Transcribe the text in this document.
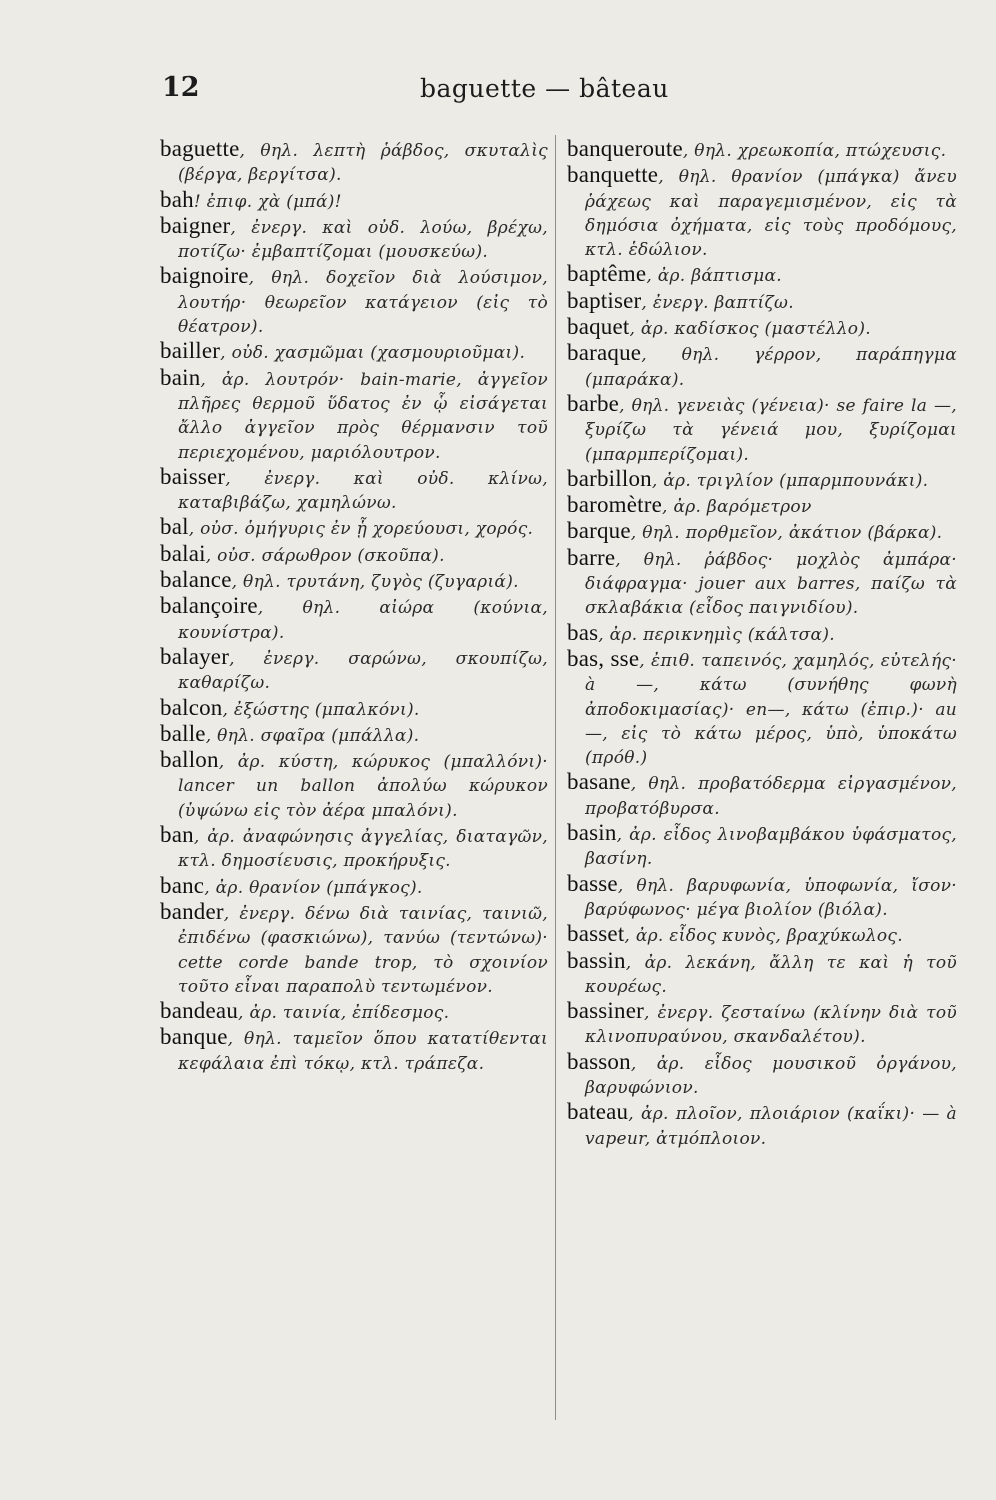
12	baguette — bâteau

baguette, θηλ. λεπτὴ ῥάβδος, σκυταλὶς (βέργα, βεργίτσα).

bah! ἐπιφ. χὰ (μπά)!

baigner, ἐνεργ. καὶ οὐδ. λούω, βρέχω, ποτίζω· ἐμβαπτίζομαι (μουσκεύω).

baignoire, θηλ. δοχεῖον διὰ λούσιμον, λουτήρ· θεωρεῖον κατάγειον (εἰς τὸ θέατρον).

bailler, οὐδ. χασμῶμαι (χασμουριοῦμαι).

bain, ἀρ. λουτρόν· bain-marie, ἀγγεῖον πλῆρες θερμοῦ ὕδατος ἐν ᾧ εἰσάγεται ἄλλο ἀγγεῖον πρὸς θέρμανσιν τοῦ περιεχομένου, μαριόλουτρον.

baisser, ἐνεργ. καὶ οὐδ. κλίνω, καταβιβάζω, χαμηλώνω.

bal, οὐσ. ὁμήγυρις ἐν ᾗ χορεύουσι, χορός.

balai, οὐσ. σάρωθρον (σκοῦπα).

balance, θηλ. τρυτάνη, ζυγὸς (ζυγαριά).

balançoire, θηλ. αἰώρα (κούνια, κουνίστρα).

balayer, ἐνεργ. σαρώνω, σκουπίζω, καθαρίζω.

balcon, ἐξώστης (μπαλκόνι).

balle, θηλ. σφαῖρα (μπάλλα).

ballon, ἀρ. κύστη, κώρυκος (μπαλλόνι)· lancer un ballon ἀπολύω κώρυκον (ὑψώνω εἰς τὸν ἀέρα μπαλόνι).

ban, ἀρ. ἀναφώνησις ἀγγελίας, διαταγῶν, κτλ. δημοσίευσις, προκήρυξις.

banc, ἀρ. θρανίον (μπάγκος).

bander, ἐνεργ. δένω διὰ ταινίας, ταινιῶ, ἐπιδένω (φασκιώνω), τανύω (τεντώνω)· cette corde bande trop, τὸ σχοινίον τοῦτο εἶναι παραπολὺ τεντωμένον.

bandeau, ἀρ. ταινία, ἐπίδεσμος.

banque, θηλ. ταμεῖον ὅπου κατατίθενται κεφάλαια ἐπὶ τόκῳ, κτλ. τράπεζα.

banqueroute, θηλ. χρεωκοπία, πτώχευσις.

banquette, θηλ. θρανίον (μπάγκα) ἄνευ ῥάχεως καὶ παραγεμισμένον, εἰς τὰ δημόσια ὀχήματα, εἰς τοὺς προδόμους, κτλ. ἑδώλιον.

baptême, ἀρ. βάπτισμα.

baptiser, ἐνεργ. βαπτίζω.

baquet, ἀρ. καδίσκος (μαστέλλο).

baraque, θηλ. γέρρον, παράπηγμα (μπαράκα).

barbe, θηλ. γενειὰς (γένεια)· se faire la —, ξυρίζω τὰ γένειά μου, ξυρίζομαι (μπαρμπερίζομαι).

barbillon, ἀρ. τριγλίον (μπαρμπουνάκι).

baromètre, ἀρ. βαρόμετρον

barque, θηλ. πορθμεῖον, ἀκάτιον (βάρκα).

barre, θηλ. ῥάβδος· μοχλὸς ἀμπάρα· διάφραγμα· jouer aux barres, παίζω τὰ σκλαβάκια (εἶδος παιγνιδίου).

bas, ἀρ. περικνημὶς (κάλτσα).

bas, sse, ἐπιθ. ταπεινός, χαμηλός, εὐτελής· à —, κάτω (συνήθης φωνὴ ἀποδοκιμασίας)· en—, κάτω (ἐπιρ.)· au —, εἰς τὸ κάτω μέρος, ὑπὸ, ὑποκάτω (πρόθ.)

basane, θηλ. προβατόδερμα εἰργασμένον, προβατόβυρσα.

basin, ἀρ. εἶδος λινοβαμβάκου ὑφάσματος, βασίνη.

basse, θηλ. βαρυφωνία, ὑποφωνία, ἴσον· βαρύφωνος· μέγα βιολίον (βιόλα).

basset, ἀρ. εἶδος κυνὸς, βραχύκωλος.

bassin, ἀρ. λεκάνη, ἄλλη τε καὶ ἡ τοῦ κουρέως.

bassiner, ἐνεργ. ζεσταίνω (κλίνην διὰ τοῦ κλινοπυραύνου, σκανδαλέτου).

basson, ἀρ. εἶδος μουσικοῦ ὀργάνου, βαρυφώνιον.

bateau, ἀρ. πλοῖον, πλοιάριον (καΐκι)· — à vapeur, ἀτμόπλοιον.
